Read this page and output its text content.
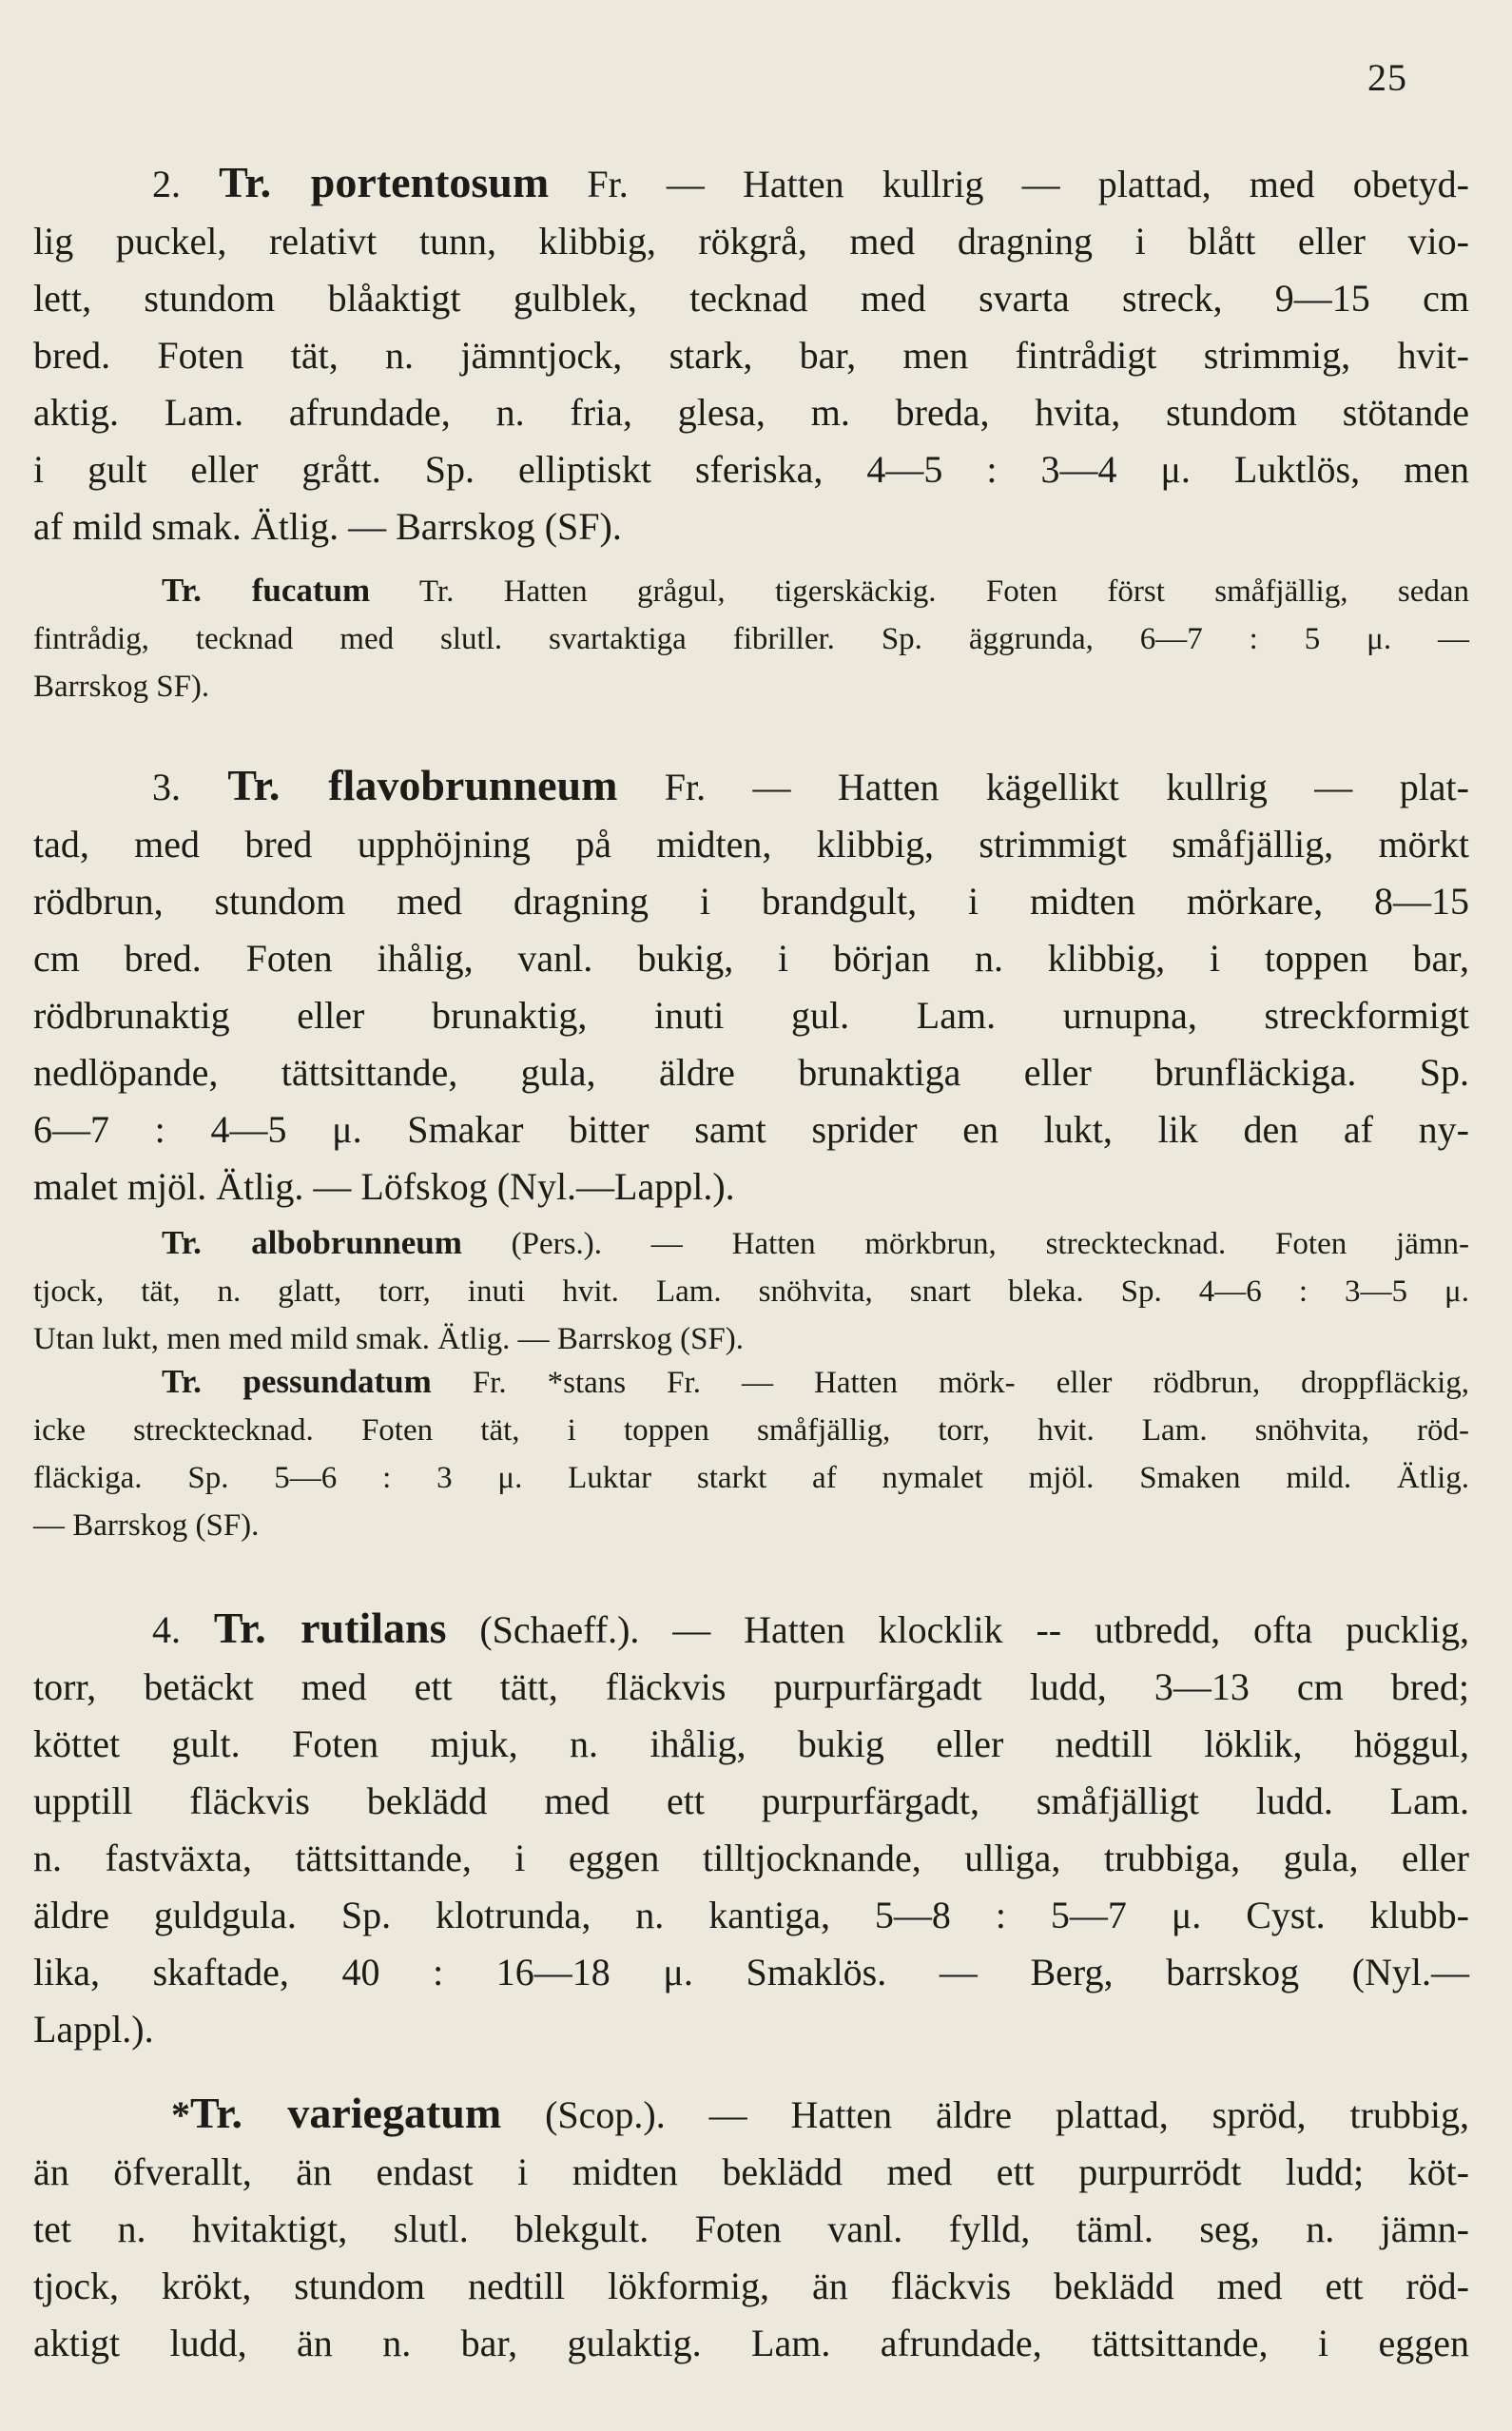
25
2. Tr. portentosum Fr. — Hatten kullrig — plattad, med obetyd-
lig puckel, relativt tunn, klibbig, rökgrå, med dragning i blått eller vio-
lett, stundom blåaktigt gulblek, tecknad med svarta streck, 9—15 cm
bred. Foten tät, n. jämntjock, stark, bar, men fintrådigt strimmig, hvit-
aktig. Lam. afrundade, n. fria, glesa, m. breda, hvita, stundom stötande
i gult eller grått. Sp. elliptiskt sferiska, 4—5 : 3—4 μ. Luktlös, men
af mild smak. Ätlig. — Barrskog (SF).
Tr. fucatum Tr. Hatten grågul, tigerskäckig. Foten först småfjällig, sedan
fintrådig, tecknad med slutl. svartaktiga fibriller. Sp. äggrunda, 6—7 : 5 μ. —
Barrskog SF).
3. Tr. flavobrunneum Fr. — Hatten kägellikt kullrig — plat-
tad, med bred upphöjning på midten, klibbig, strimmigt småfjällig, mörkt
rödbrun, stundom med dragning i brandgult, i midten mörkare, 8—15
cm bred. Foten ihålig, vanl. bukig, i början n. klibbig, i toppen bar,
rödbrunaktig eller brunaktig, inuti gul. Lam. urnupna, streckformigt
nedlöpande, tättsittande, gula, äldre brunaktiga eller brunfläckiga. Sp.
6—7 : 4—5 μ. Smakar bitter samt sprider en lukt, lik den af ny-
malet mjöl. Ätlig. — Löfskog (Nyl.—Lappl.).
Tr. albobrunneum (Pers.). — Hatten mörkbrun, strecktecknad. Foten jämn-
tjock, tät, n. glatt, torr, inuti hvit. Lam. snöhvita, snart bleka. Sp. 4—6 : 3—5 μ.
Utan lukt, men med mild smak. Ätlig. — Barrskog (SF).
Tr. pessundatum Fr. *stans Fr. — Hatten mörk- eller rödbrun, droppfläckig,
icke strecktecknad. Foten tät, i toppen småfjällig, torr, hvit. Lam. snöhvita, röd-
fläckiga. Sp. 5—6 : 3 μ. Luktar starkt af nymalet mjöl. Smaken mild. Ätlig.
— Barrskog (SF).
4. Tr. rutilans (Schaeff.). — Hatten klocklik -- utbredd, ofta pucklig,
torr, betäckt med ett tätt, fläckvis purpurfärgadt ludd, 3—13 cm bred;
köttet gult. Foten mjuk, n. ihålig, bukig eller nedtill löklik, höggul,
upptill fläckvis beklädd med ett purpurfärgadt, småfjälligt ludd. Lam.
n. fastväxta, tättsittande, i eggen tilltjocknande, ulliga, trubbiga, gula, eller
äldre guldgula. Sp. klotrunda, n. kantiga, 5—8 : 5—7 μ. Cyst. klubb-
lika, skaftade, 40 : 16—18 μ. Smaklös. — Berg, barrskog (Nyl.—
Lappl.).
*Tr. variegatum (Scop.). — Hatten äldre plattad, spröd, trubbig,
än öfverallt, än endast i midten beklädd med ett purpurrödt ludd; köt-
tet n. hvitaktigt, slutl. blekgult. Foten vanl. fylld, täml. seg, n. jämn-
tjock, krökt, stundom nedtill lökformig, än fläckvis beklädd med ett röd-
aktigt ludd, än n. bar, gulaktig. Lam. afrundade, tättsittande, i eggen
